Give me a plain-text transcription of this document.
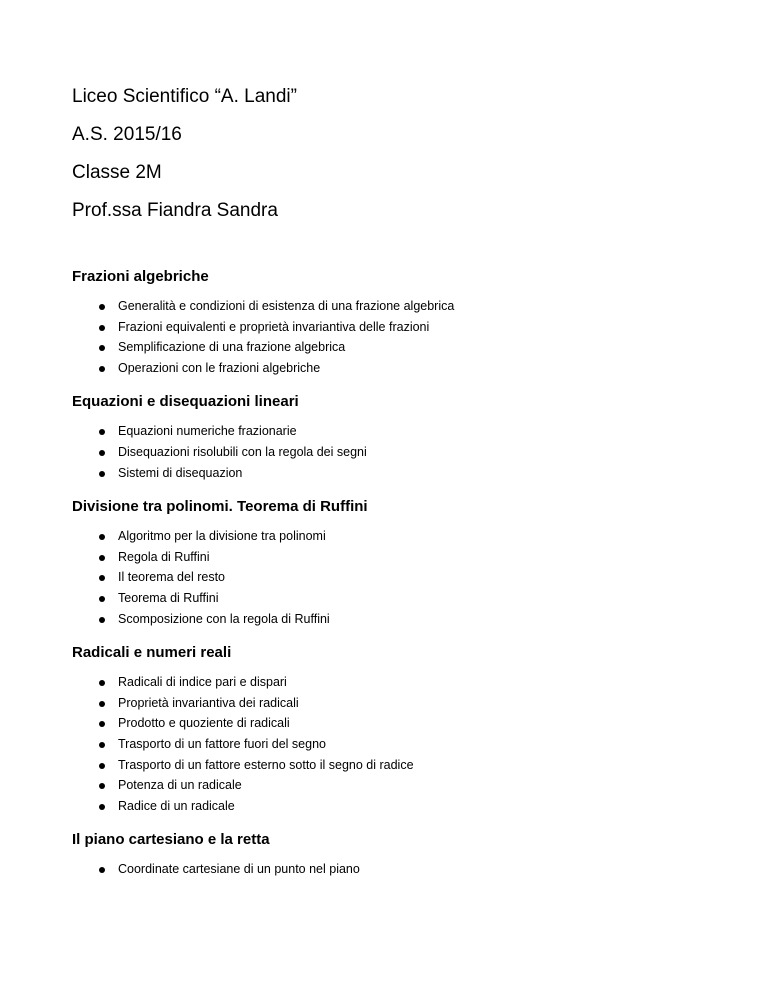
Liceo Scientifico “A. Landi”

A.S. 2015/16

Classe 2M

Prof.ssa Fiandra Sandra

Frazioni algebriche
Generalità e condizioni di esistenza di una frazione algebrica
Frazioni equivalenti e proprietà invariantiva delle frazioni
Semplificazione di una frazione algebrica
Operazioni con le frazioni algebriche
Equazioni e disequazioni lineari
Equazioni numeriche frazionarie
Disequazioni risolubili con la regola dei segni
Sistemi di disequazion
Divisione tra polinomi. Teorema di Ruffini
Algoritmo per la divisione tra polinomi
Regola di Ruffini
Il teorema del resto
Teorema di Ruffini
Scomposizione con la regola di Ruffini
Radicali e numeri reali
Radicali di indice pari e dispari
Proprietà invariantiva dei radicali
Prodotto e quoziente di radicali
Trasporto di un fattore fuori del segno
Trasporto di un fattore esterno sotto il segno di radice
Potenza di un radicale
Radice di un radicale
Il piano cartesiano e la retta
Coordinate cartesiane di un punto nel piano
